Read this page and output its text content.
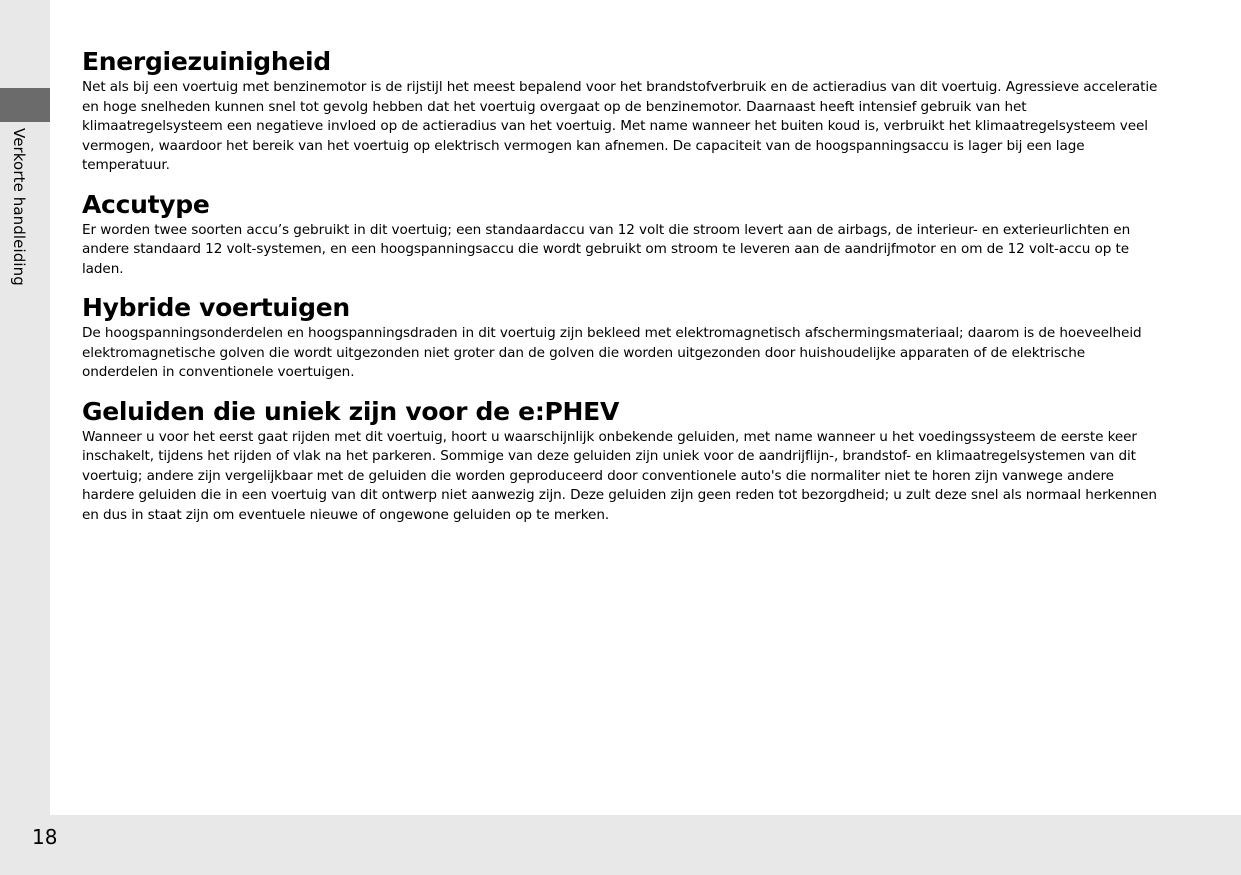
Verkorte handleiding
18
Energiezuinigheid

Net als bij een voertuig met benzinemotor is de rijstijl het meest bepalend voor het brandstofverbruik en de actieradius van dit voertuig. Agressieve acceleratie en hoge snelheden kunnen snel tot gevolg hebben dat het voertuig overgaat op de benzinemotor. Daarnaast heeft intensief gebruik van het klimaatregelsysteem een negatieve invloed op de actieradius van het voertuig. Met name wanneer het buiten koud is, verbruikt het klimaatregelsysteem veel vermogen, waardoor het bereik van het voertuig op elektrisch vermogen kan afnemen. De capaciteit van de hoogspanningsaccu is lager bij een lage temperatuur.

Accutype

Er worden twee soorten accu’s gebruikt in dit voertuig; een standaardaccu van 12 volt die stroom levert aan de airbags, de interieur- en exterieurlichten en andere standaard 12 volt-systemen, en een hoogspanningsaccu die wordt gebruikt om stroom te leveren aan de aandrijfmotor en om de 12 volt-accu op te laden.

Hybride voertuigen

De hoogspanningsonderdelen en hoogspanningsdraden in dit voertuig zijn bekleed met elektromagnetisch afschermingsmateriaal; daarom is de hoeveelheid elektromagnetische golven die wordt uitgezonden niet groter dan de golven die worden uitgezonden door huishoudelijke apparaten of de elektrische onderdelen in conventionele voertuigen.

Geluiden die uniek zijn voor de e:PHEV

Wanneer u voor het eerst gaat rijden met dit voertuig, hoort u waarschijnlijk onbekende geluiden, met name wanneer u het voedingssysteem de eerste keer inschakelt, tijdens het rijden of vlak na het parkeren. Sommige van deze geluiden zijn uniek voor de aandrijflijn-, brandstof- en klimaatregelsystemen van dit voertuig; andere zijn vergelijkbaar met de geluiden die worden geproduceerd door conventionele auto's die normaliter niet te horen zijn vanwege andere hardere geluiden die in een voertuig van dit ontwerp niet aanwezig zijn. Deze geluiden zijn geen reden tot bezorgdheid; u zult deze snel als normaal herkennen en dus in staat zijn om eventuele nieuwe of ongewone geluiden op te merken.
